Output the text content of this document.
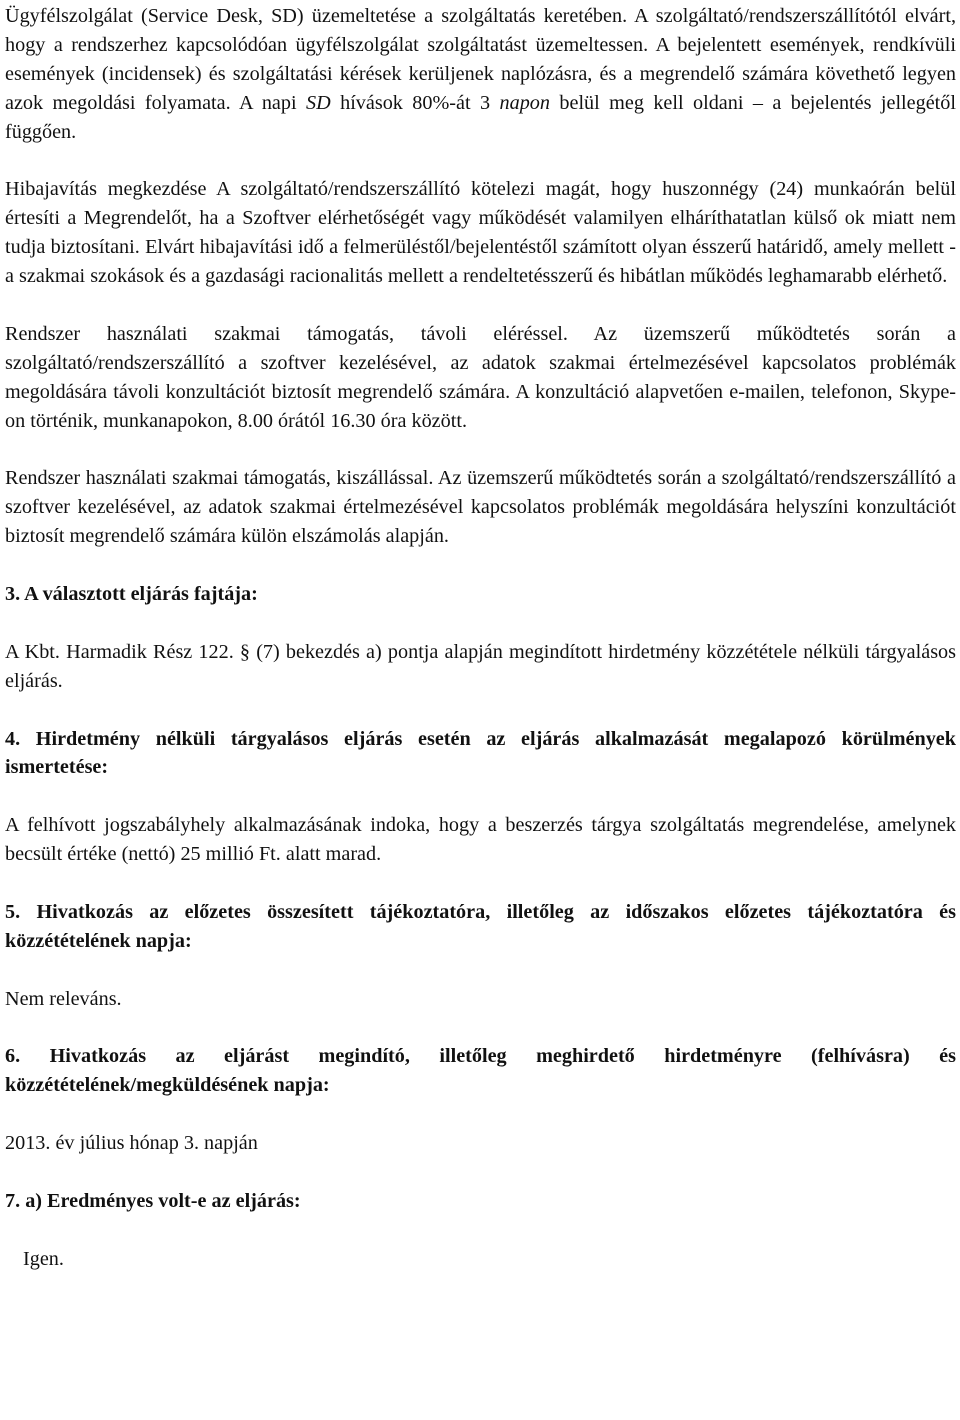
Ügyfélszolgálat (Service Desk, SD) üzemeltetése a szolgáltatás keretében. A szolgáltató/rendszerszállítótól elvárt, hogy a rendszerhez kapcsolódóan ügyfélszolgálat szolgáltatást üzemeltessen. A bejelentett események, rendkívüli események (incidensek) és szolgáltatási kérések kerüljenek naplózásra, és a megrendelő számára követhető legyen azok megoldási folyamata. A napi SD hívások 80%-át 3 napon belül meg kell oldani – a bejelentés jellegétől függően.

Hibajavítás megkezdése A szolgáltató/rendszerszállító kötelezi magát, hogy huszonnégy (24) munkaórán belül értesíti a Megrendelőt, ha a Szoftver elérhetőségét vagy működését valamilyen elháríthatatlan külső ok miatt nem tudja biztosítani. Elvárt hibajavítási idő a felmerüléstől/bejelentéstől számított olyan ésszerű határidő, amely mellett - a szakmai szokások és a gazdasági racionalitás mellett a rendeltetésszerű és hibátlan működés leghamarabb elérhető.

Rendszer használati szakmai támogatás, távoli eléréssel. Az üzemszerű működtetés során a szolgáltató/rendszerszállító a szoftver kezelésével, az adatok szakmai értelmezésével kapcsolatos problémák megoldására távoli konzultációt biztosít megrendelő számára. A konzultáció alapvetően e-mailen, telefonon, Skype-on történik, munkanapokon, 8.00 órától 16.30 óra között.

Rendszer használati szakmai támogatás, kiszállással. Az üzemszerű működtetés során a szolgáltató/rendszerszállító a szoftver kezelésével, az adatok szakmai értelmezésével kapcsolatos problémák megoldására helyszíni konzultációt biztosít megrendelő számára külön elszámolás alapján.

3. A választott eljárás fajtája:

A Kbt. Harmadik Rész 122. § (7) bekezdés a) pontja alapján megindított hirdetmény közzététele nélküli tárgyalásos eljárás.

4. Hirdetmény nélküli tárgyalásos eljárás esetén az eljárás alkalmazását megalapozó körülmények ismertetése:

A felhívott jogszabályhely alkalmazásának indoka, hogy a beszerzés tárgya szolgáltatás megrendelése, amelynek becsült értéke (nettó) 25 millió Ft. alatt marad.

5. Hivatkozás az előzetes összesített tájékoztatóra, illetőleg az időszakos előzetes tájékoztatóra és közzétételének napja:

Nem releváns.

6. Hivatkozás az eljárást megindító, illetőleg meghirdető hirdetményre (felhívásra) és közzétételének/megküldésének napja:

2013. év július hónap 3. napján

7. a) Eredményes volt-e az eljárás:

Igen.
